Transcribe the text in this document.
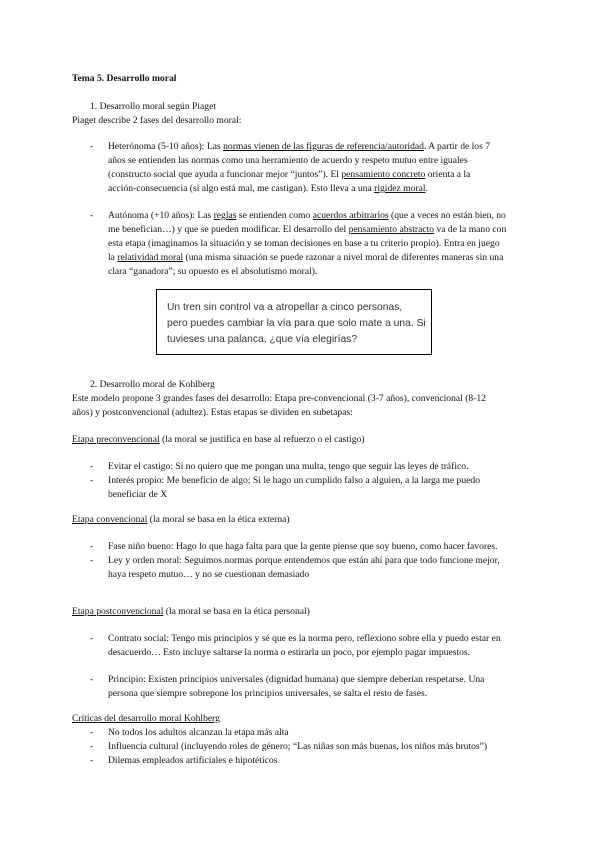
Tema 5. Desarrollo moral
1. Desarrollo moral según Piaget
Piaget describe 2 fases del desarrollo moral:
- Heterónoma (5-10 años): Las normas vienen de las figuras de referencia/autoridad. A partir de los 7
años se entienden las normas como una herramiento de acuerdo y respeto mutuo entre iguales
(constructo social que ayuda a funcionar mejor “juntos”). El pensamiento concreto orienta a la
acción-consecuencia (si algo está mal, me castigan). Esto lleva a una rigidez moral.
- Autónoma (+10 años): Las reglas se entienden como acuerdos arbitrarios (que a veces no están bien, no
me benefician…) y que se pueden modificar. El desarrollo del pensamiento abstracto va de la mano con
esta etapa (imaginamos la situación y se toman decisiones en base a tu criterio propio). Entra en juego
la relatividad moral (una misma situación se puede razonar a nivel moral de diferentes maneras sin una
clara “ganadora”; su opuesto es el absolutismo moral).
Un tren sin control va a atropellar a cinco personas,
pero puedes cambiar la vía para que solo mate a una. Si
tuvieses una palanca, ¿que vía elegirías?
2. Desarrollo moral de Kohlberg
Este modelo propone 3 grandes fases del desarrollo: Etapa pre-convencional (3-7 años), convencional (8-12
años) y postconvencional (adultez). Estas etapas se dividen en subetapas:
Etapa preconvencional (la moral se justifica en base al refuerzo o el castigo)
- Evitar el castigo: Si no quiero que me pongan una multa, tengo que seguir las leyes de tráfico.
- Interés propio: Me beneficio de algo; Si le hago un cumplido falso a alguien, a la larga me puedo
beneficiar de X
Etapa convencional (la moral se basa en la ética externa)
- Fase niño bueno: Hago lo que haga falta para que la gente piense que soy bueno, como hacer favores.
- Ley y orden moral: Seguimos normas porque entendemos que están ahí para que todo funcione mejor,
haya respeto mutuo… y no se cuestionan demasiado
Etapa postconvencional (la moral se basa en la ética personal)
- Contrato social: Tengo mis principios y sé que es la norma pero, reflexiono sobre ella y puedo estar en
desacuerdo… Esto incluye saltarse la norma o estirarla un poco, por ejemplo pagar impuestos.
- Principio: Existen principios universales (dignidad humana) que siempre deberían respetarse. Una
persona que siempre sobrepone los principios universales, se salta el resto de fases.
Críticas del desarrollo moral Kohlberg
- No todos los adultos alcanzan la etapa más alta
- Influencia cultural (incluyendo roles de género; “Las niñas son más buenas, los niños más brutos”)
- Dilemas empleados artificiales e hipotéticos
